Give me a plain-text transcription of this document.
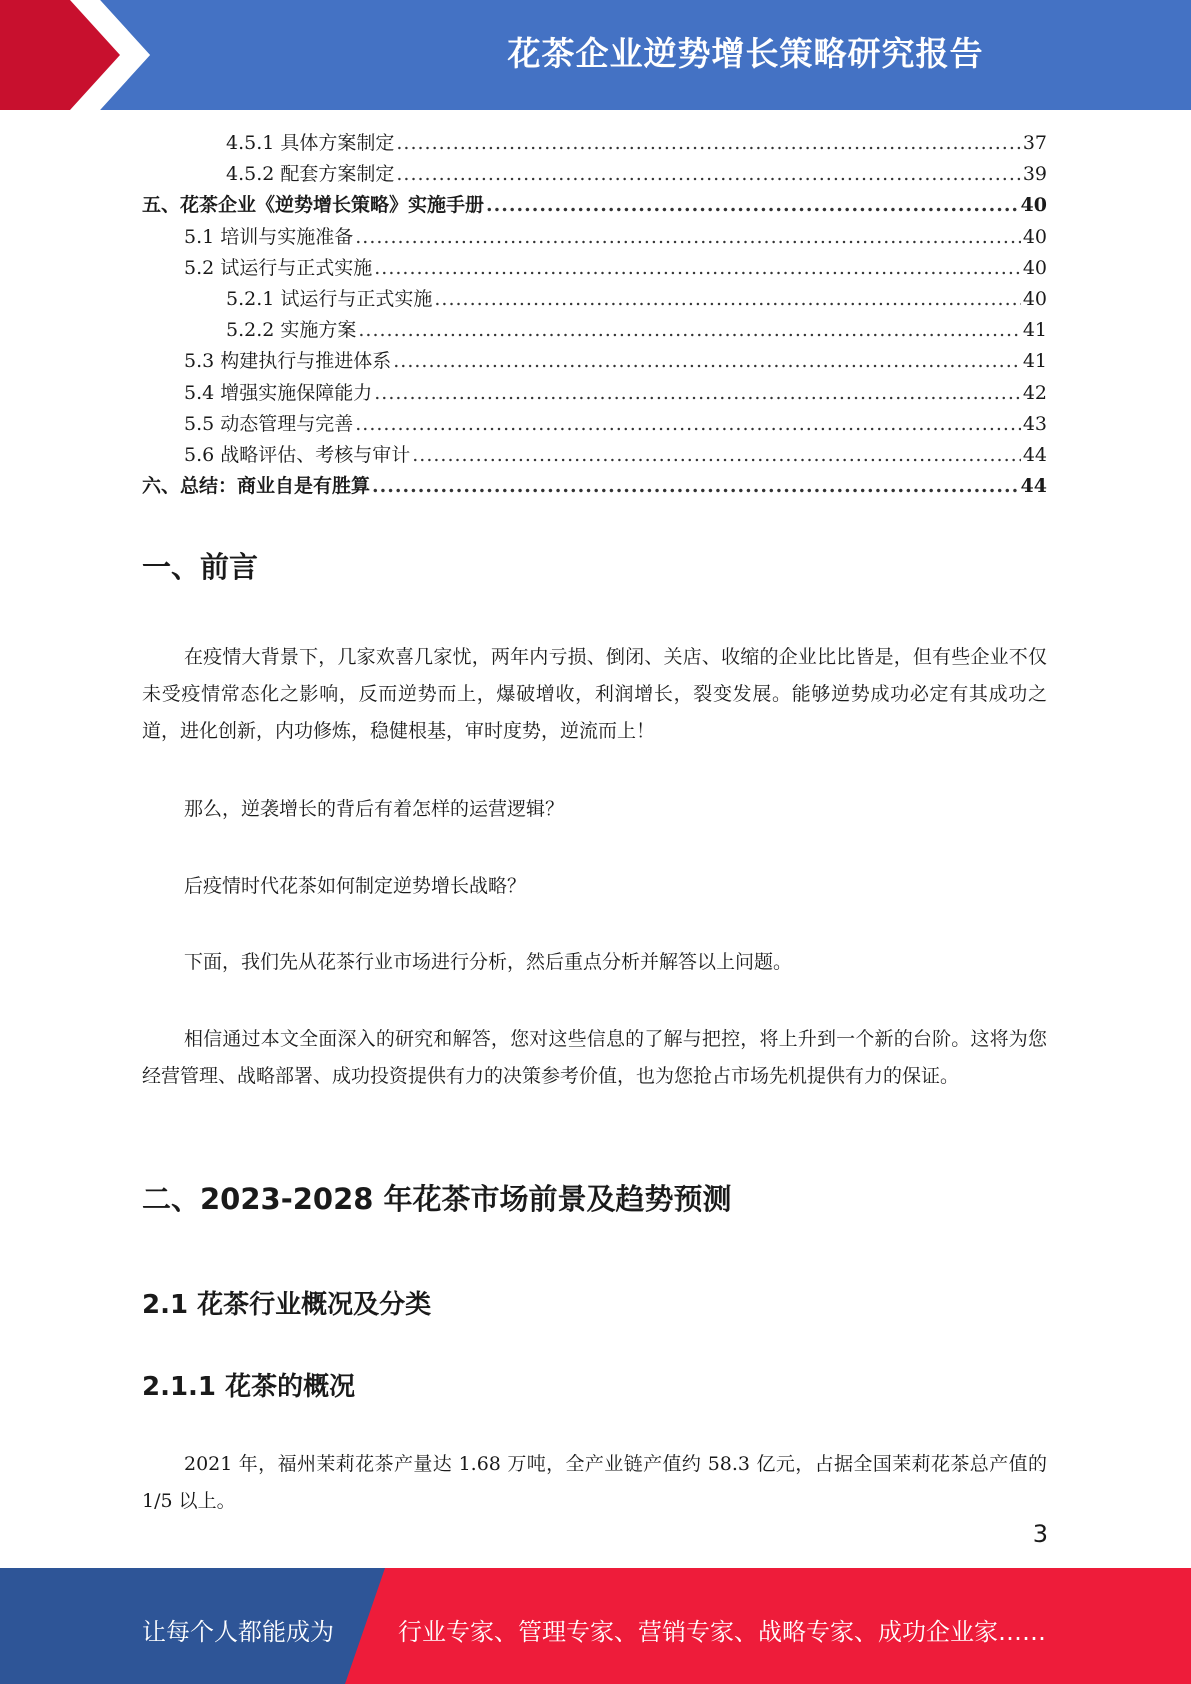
花茶企业逆势增长策略研究报告
4.5.1 具体方案制定 .....	37
4.5.2 配套方案制定 .....	39
五、花茶企业《逆势增长策略》实施手册 .....	40
5.1 培训与实施准备 .....	40
5.2 试运行与正式实施 .....	40
5.2.1 试运行与正式实施 .....	40
5.2.2 实施方案 .....	41
5.3 构建执行与推进体系 .....	41
5.4 增强实施保障能力 .....	42
5.5 动态管理与完善 .....	43
5.6 战略评估、考核与审计 .....	44
六、总结：商业自是有胜算 .....	44
一、前言

在疫情大背景下，几家欢喜几家忧，两年内亏损、倒闭、关店、收缩的企业比比皆是，但有些企业不仅未受疫情常态化之影响，反而逆势而上，爆破增收，利润增长，裂变发展。能够逆势成功必定有其成功之道，进化创新，内功修炼，稳健根基，审时度势，逆流而上！

那么，逆袭增长的背后有着怎样的运营逻辑？

后疫情时代花茶如何制定逆势增长战略？

下面，我们先从花茶行业市场进行分析，然后重点分析并解答以上问题。

相信通过本文全面深入的研究和解答，您对这些信息的了解与把控，将上升到一个新的台阶。这将为您经营管理、战略部署、成功投资提供有力的决策参考价值，也为您抢占市场先机提供有力的保证。

二、2023-2028 年花茶市场前景及趋势预测
2.1 花茶行业概况及分类
2.1.1 花茶的概况

2021 年，福州茉莉花茶产量达 1.68 万吨，全产业链产值约 58.3 亿元，占据全国茉莉花茶总产值的 1/5 以上。

3
让每个人都能成为	行业专家、管理专家、营销专家、战略专家、成功企业家……
